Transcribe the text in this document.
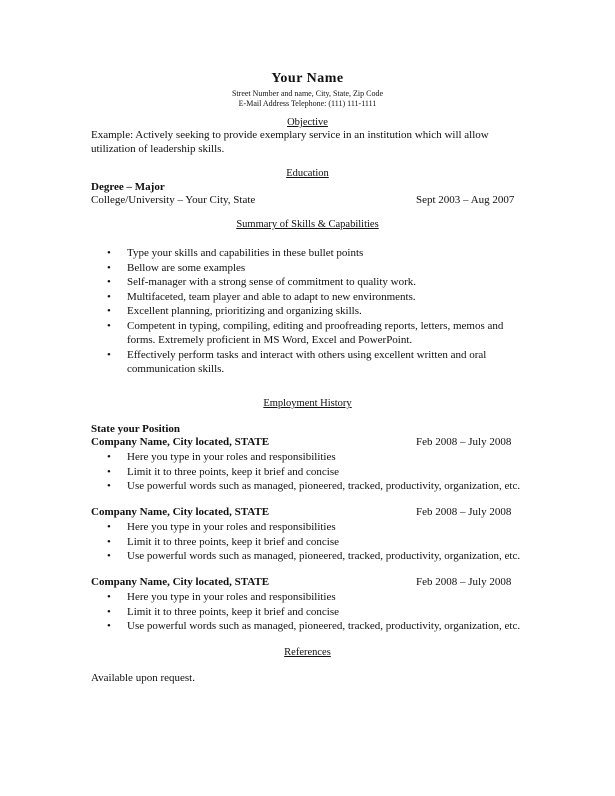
Your Name
Street Number and name, City, State, Zip Code
E-Mail Address Telephone: (111) 111-1111
Objective
Example: Actively seeking to provide exemplary service in an institution which will allow
utilization of leadership skills.
Education
Degree – Major
College/University – Your City, State	Sept 2003 – Aug 2007
Summary of Skills & Capabilities
• Type your skills and capabilities in these bullet points
• Bellow are some examples
• Self-manager with a strong sense of commitment to quality work.
• Multifaceted, team player and able to adapt to new environments.
• Excellent planning, prioritizing and organizing skills.
• Competent in typing, compiling, editing and proofreading reports, letters, memos and forms. Extremely proficient in MS Word, Excel and PowerPoint.
• Effectively perform tasks and interact with others using excellent written and oral communication skills.
Employment History
State your Position
Company Name, City located, STATE	Feb 2008 – July 2008
• Here you type in your roles and responsibilities
• Limit it to three points, keep it brief and concise
• Use powerful words such as managed, pioneered, tracked, productivity, organization, etc.
Company Name, City located, STATE	Feb 2008 – July 2008
• Here you type in your roles and responsibilities
• Limit it to three points, keep it brief and concise
• Use powerful words such as managed, pioneered, tracked, productivity, organization, etc.
Company Name, City located, STATE	Feb 2008 – July 2008
• Here you type in your roles and responsibilities
• Limit it to three points, keep it brief and concise
• Use powerful words such as managed, pioneered, tracked, productivity, organization, etc.
References
Available upon request.
